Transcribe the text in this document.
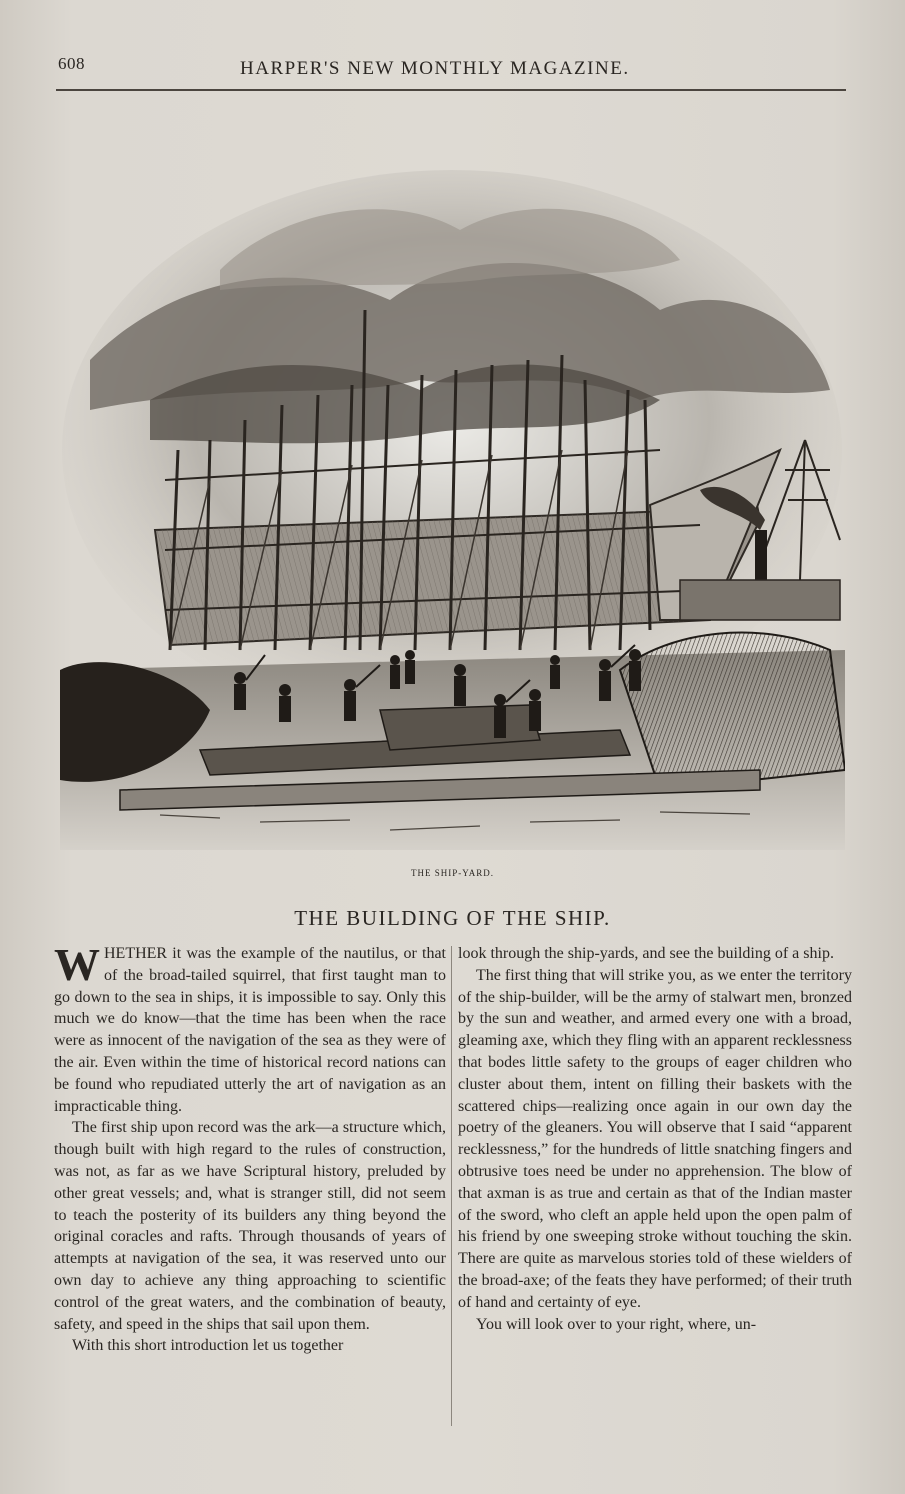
608	HARPER'S NEW MONTHLY MAGAZINE.
THE SHIP-YARD.
THE BUILDING OF THE SHIP.

WHETHER it was the example of the nautilus, or that of the broad-tailed squirrel, that first taught man to go down to the sea in ships, it is impossible to say. Only this much we do know—that the time has been when the race were as innocent of the navigation of the sea as they were of the air. Even within the time of historical record nations can be found who repudiated utterly the art of navigation as an impracticable thing.

The first ship upon record was the ark—a structure which, though built with high regard to the rules of construction, was not, as far as we have Scriptural history, preluded by other great vessels; and, what is stranger still, did not seem to teach the posterity of its builders any thing beyond the original coracles and rafts. Through thousands of years of attempts at navigation of the sea, it was reserved unto our own day to achieve any thing approaching to scientific control of the great waters, and the combination of beauty, safety, and speed in the ships that sail upon them.

With this short introduction let us together

look through the ship-yards, and see the building of a ship.

The first thing that will strike you, as we enter the territory of the ship-builder, will be the army of stalwart men, bronzed by the sun and weather, and armed every one with a broad, gleaming axe, which they fling with an apparent recklessness that bodes little safety to the groups of eager children who cluster about them, intent on filling their baskets with the scattered chips—realizing once again in our own day the poetry of the gleaners. You will observe that I said “apparent recklessness,” for the hundreds of little snatching fingers and obtrusive toes need be under no apprehension. The blow of that axman is as true and certain as that of the Indian master of the sword, who cleft an apple held upon the open palm of his friend by one sweeping stroke without touching the skin. There are quite as marvelous stories told of these wielders of the broad-axe; of the feats they have performed; of their truth of hand and certainty of eye.

You will look over to your right, where, un-
